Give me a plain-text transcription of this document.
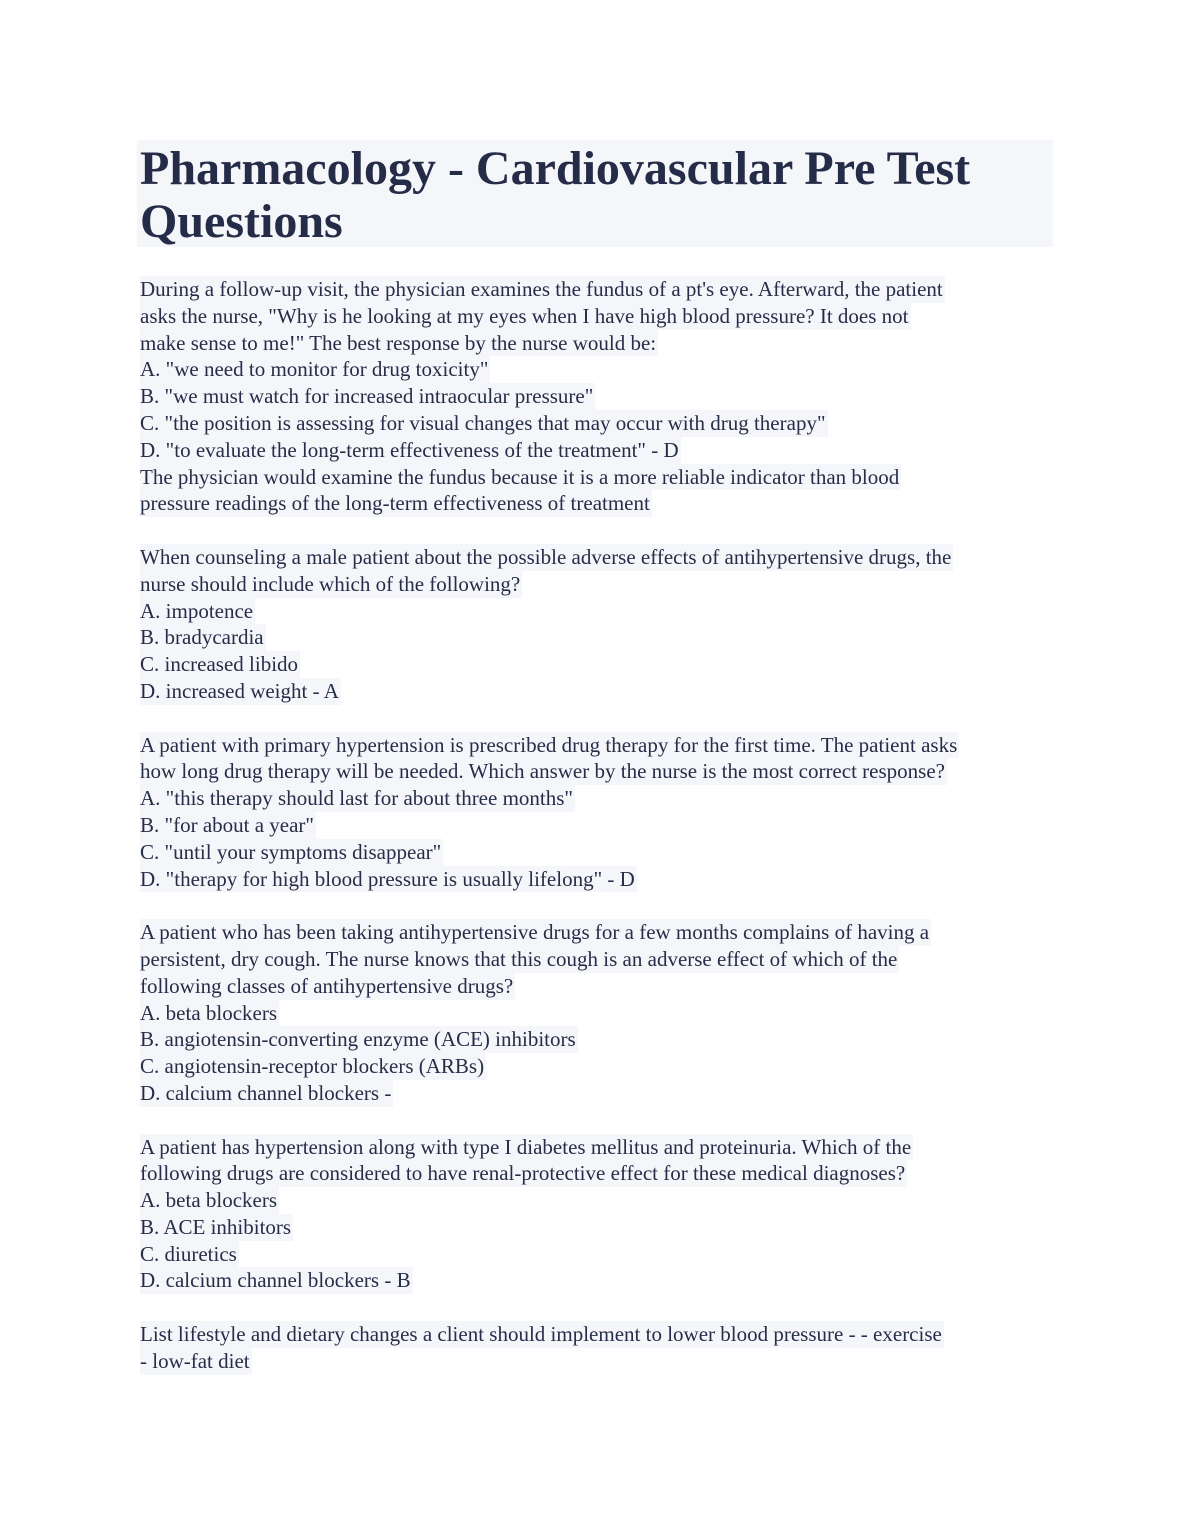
Pharmacology - Cardiovascular Pre Test
Questions
During a follow-up visit, the physician examines the fundus of a pt's eye. Afterward, the patient
asks the nurse, "Why is he looking at my eyes when I have high blood pressure? It does not
make sense to me!" The best response by the nurse would be:
A. "we need to monitor for drug toxicity"
B. "we must watch for increased intraocular pressure"
C. "the position is assessing for visual changes that may occur with drug therapy"
D. "to evaluate the long-term effectiveness of the treatment" - D
The physician would examine the fundus because it is a more reliable indicator than blood
pressure readings of the long-term effectiveness of treatment
When counseling a male patient about the possible adverse effects of antihypertensive drugs, the
nurse should include which of the following?
A. impotence
B. bradycardia
C. increased libido
D. increased weight - A
A patient with primary hypertension is prescribed drug therapy for the first time. The patient asks
how long drug therapy will be needed. Which answer by the nurse is the most correct response?
A. "this therapy should last for about three months"
B. "for about a year"
C. "until your symptoms disappear"
D. "therapy for high blood pressure is usually lifelong" - D
A patient who has been taking antihypertensive drugs for a few months complains of having a
persistent, dry cough. The nurse knows that this cough is an adverse effect of which of the
following classes of antihypertensive drugs?
A. beta blockers
B. angiotensin-converting enzyme (ACE) inhibitors
C. angiotensin-receptor blockers (ARBs)
D. calcium channel blockers -
A patient has hypertension along with type I diabetes mellitus and proteinuria. Which of the
following drugs are considered to have renal-protective effect for these medical diagnoses?
A. beta blockers
B. ACE inhibitors
C. diuretics
D. calcium channel blockers - B
List lifestyle and dietary changes a client should implement to lower blood pressure - - exercise
- low-fat diet
